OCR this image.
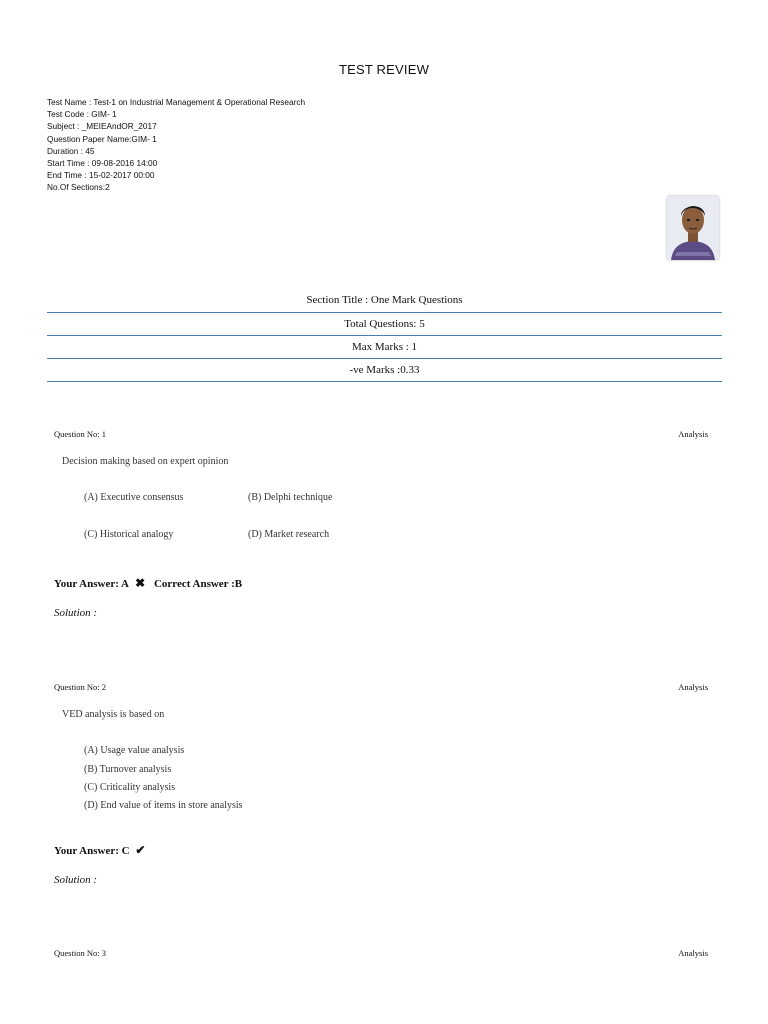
TEST REVIEW
Test Name : Test-1 on Industrial Management & Operational Research
Test Code : GIM- 1
Subject : _MEIEAndOR_2017
Question Paper Name:GIM- 1
Duration : 45
Start Time : 09-08-2016 14:00
End Time : 15-02-2017 00:00
No.Of Sections:2
Section Title : One Mark Questions
Total Questions: 5
Max Marks : 1
-ve Marks :0.33
Question No: 1	Analysis
Decision making based on expert opinion
(A) Executive consensus	(B) Delphi technique
(C) Historical analogy	(D) Market research
Your Answer: A ✖ Correct Answer :B
Solution :
Question No: 2	Analysis
VED analysis is based on
(A) Usage value analysis
(B) Turnover analysis
(C) Criticality analysis
(D) End value of items in store analysis
Your Answer: C ✔
Solution :
Question No: 3	Analysis
